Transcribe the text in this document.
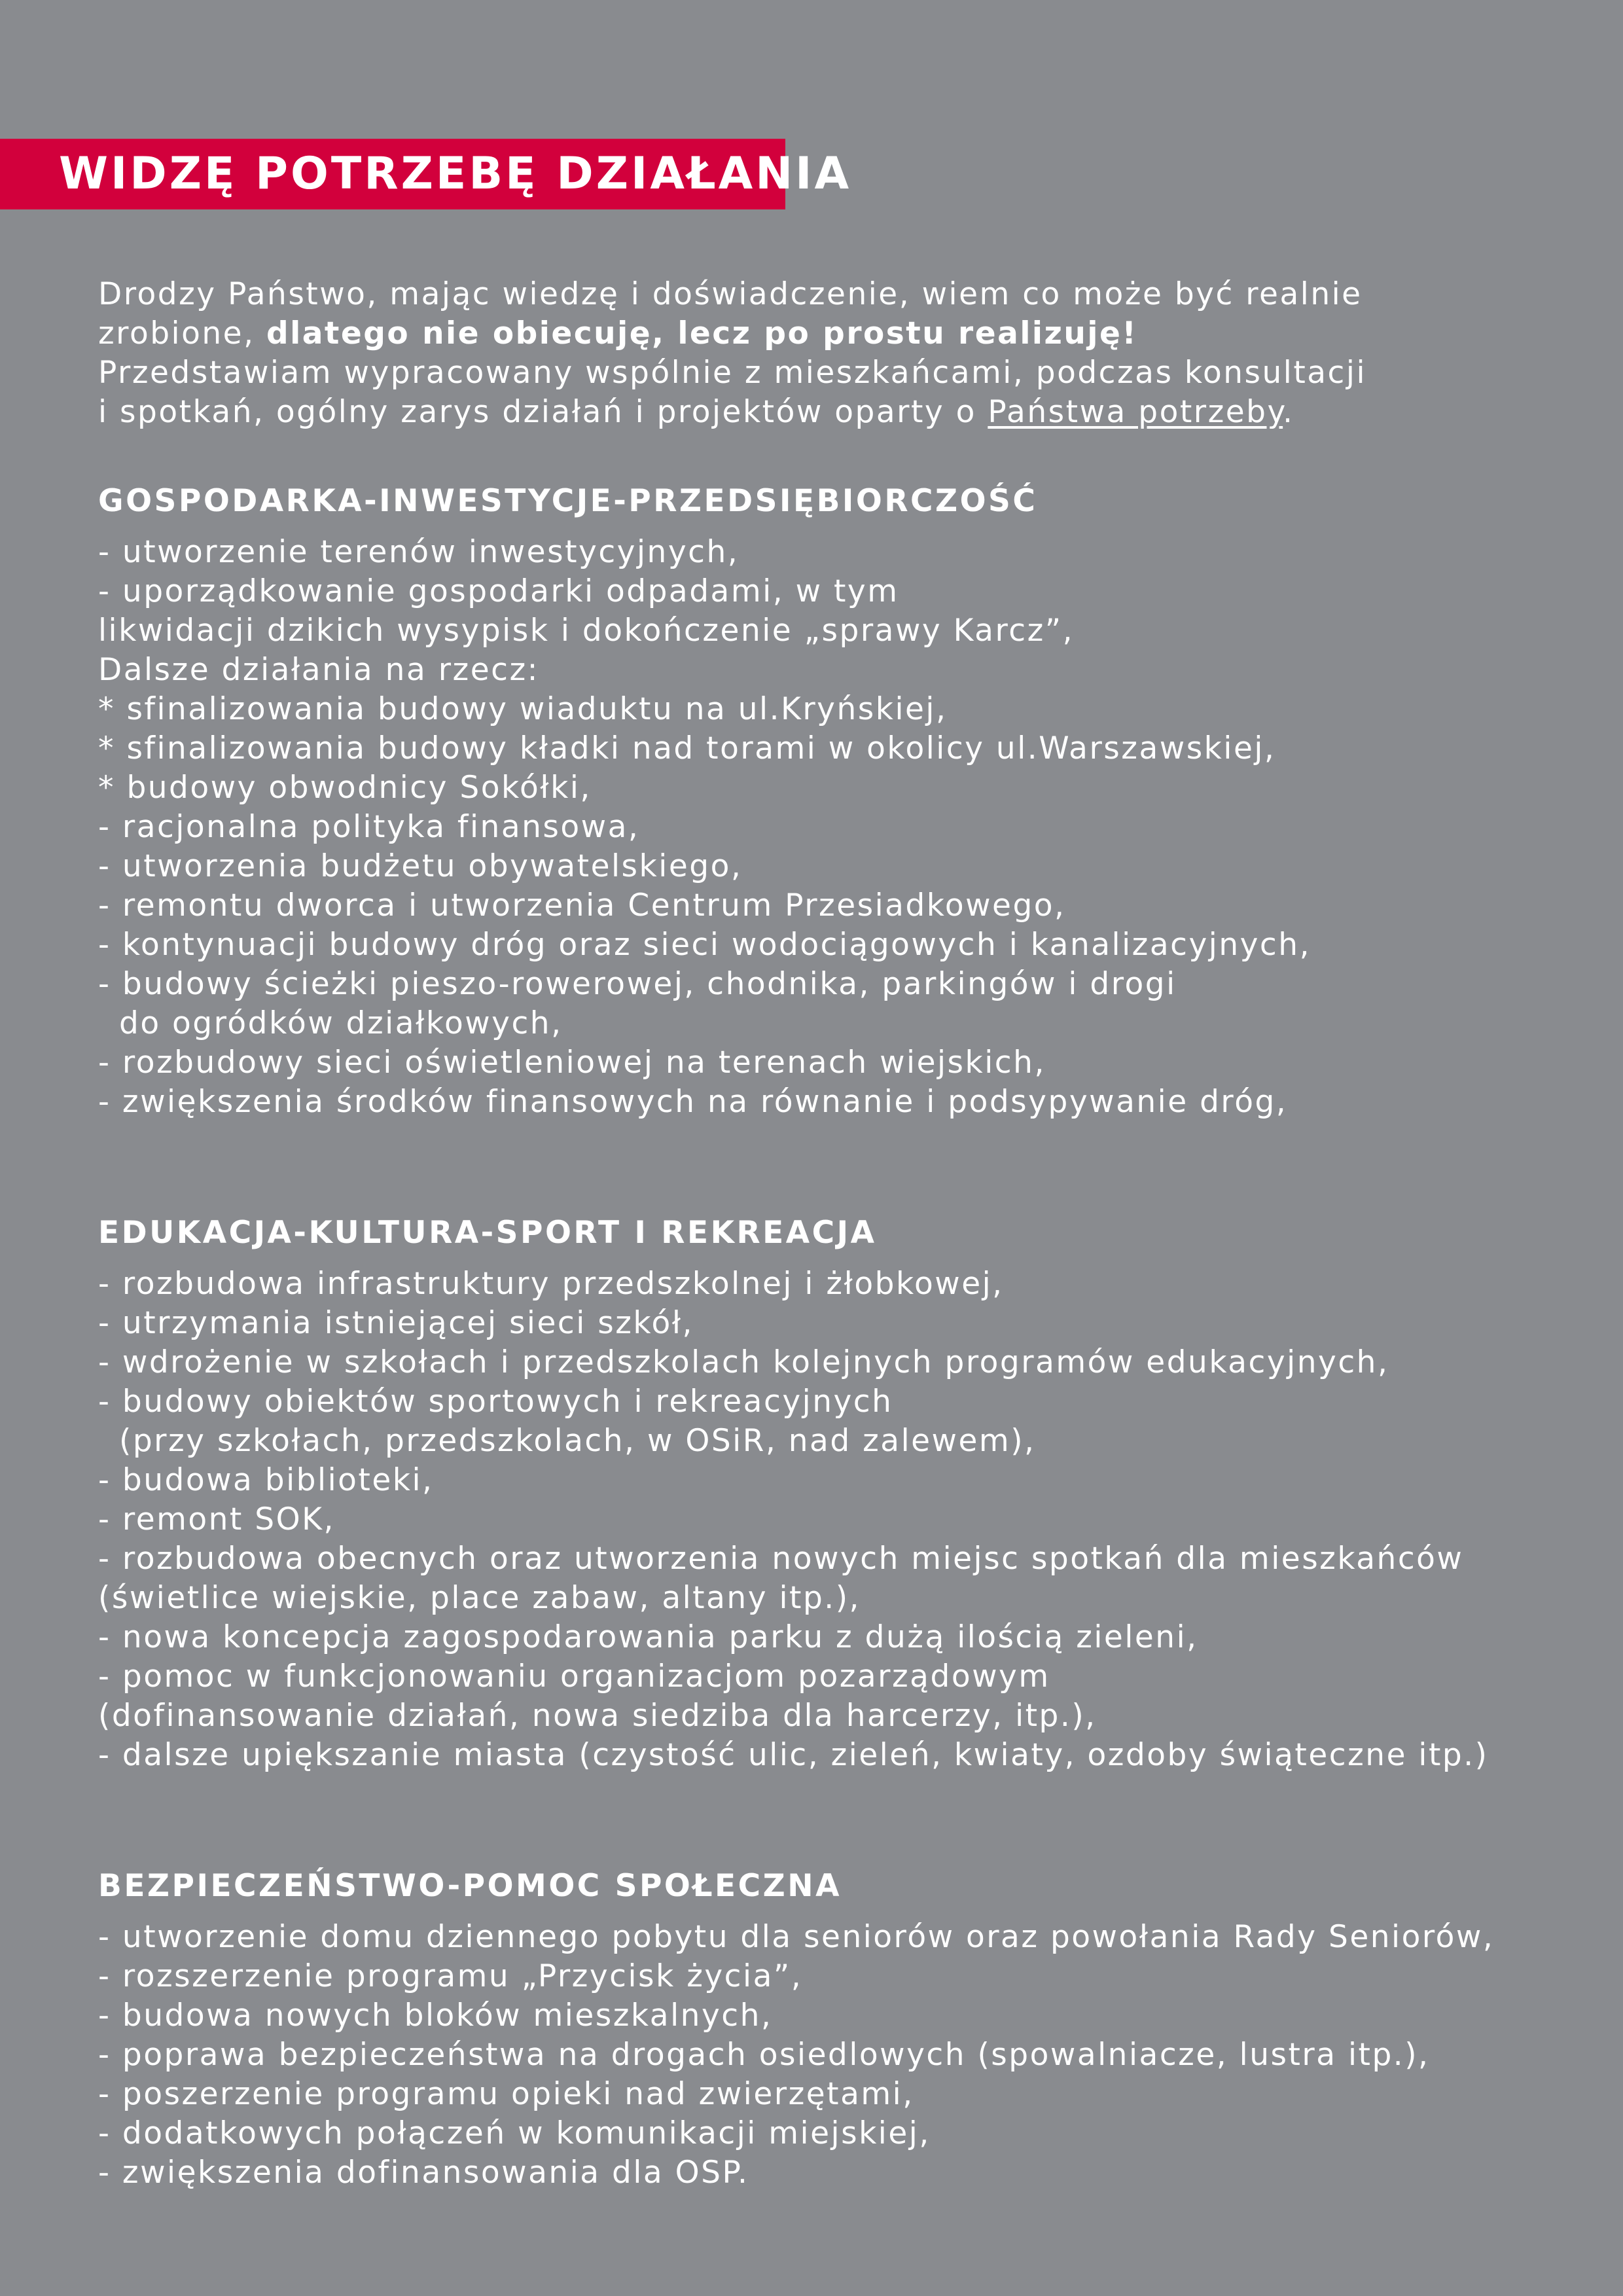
WIDZĘ POTRZEBĘ DZIAŁANIA
Drodzy Państwo, mając wiedzę i doświadczenie, wiem co może być realnie
zrobione, dlatego nie obiecuję, lecz po prostu realizuję!
Przedstawiam wypracowany wspólnie z mieszkańcami, podczas konsultacji
i spotkań, ogólny zarys działań i projektów oparty o Państwa potrzeby.
GOSPODARKA-INWESTYCJE-PRZEDSIĘBIORCZOŚĆ
- utworzenie terenów inwestycyjnych,
- uporządkowanie gospodarki odpadami, w tym
likwidacji dzikich wysypisk i dokończenie „sprawy Karcz”,
Dalsze działania na rzecz:
* sfinalizowania budowy wiaduktu na ul.Kryńskiej,
* sfinalizowania budowy kładki nad torami w okolicy ul.Warszawskiej,
* budowy obwodnicy Sokółki,
- racjonalna polityka finansowa,
- utworzenia budżetu obywatelskiego,
- remontu dworca i utworzenia Centrum Przesiadkowego,
- kontynuacji budowy dróg oraz sieci wodociągowych i kanalizacyjnych,
- budowy ścieżki pieszo-rowerowej, chodnika, parkingów i drogi
do ogródków działkowych,
- rozbudowy sieci oświetleniowej na terenach wiejskich,
- zwiększenia środków finansowych na równanie i podsypywanie dróg,
EDUKACJA-KULTURA-SPORT I REKREACJA
- rozbudowa infrastruktury przedszkolnej i żłobkowej,
- utrzymania istniejącej sieci szkół,
- wdrożenie w szkołach i przedszkolach kolejnych programów edukacyjnych,
- budowy obiektów sportowych i rekreacyjnych
(przy szkołach, przedszkolach, w OSiR, nad zalewem),
- budowa biblioteki,
- remont SOK,
- rozbudowa obecnych oraz utworzenia nowych miejsc spotkań dla mieszkańców
(świetlice wiejskie, place zabaw, altany itp.),
- nowa koncepcja zagospodarowania parku z dużą ilością zieleni,
- pomoc w funkcjonowaniu organizacjom pozarządowym
(dofinansowanie działań, nowa siedziba dla harcerzy, itp.),
- dalsze upiększanie miasta (czystość ulic, zieleń, kwiaty, ozdoby świąteczne itp.)
BEZPIECZEŃSTWO-POMOC SPOŁECZNA
- utworzenie domu dziennego pobytu dla seniorów oraz powołania Rady Seniorów,
- rozszerzenie programu „Przycisk życia”,
- budowa nowych bloków mieszkalnych,
- poprawa bezpieczeństwa na drogach osiedlowych (spowalniacze, lustra itp.),
- poszerzenie programu opieki nad zwierzętami,
- dodatkowych połączeń w komunikacji miejskiej,
- zwiększenia dofinansowania dla OSP.
